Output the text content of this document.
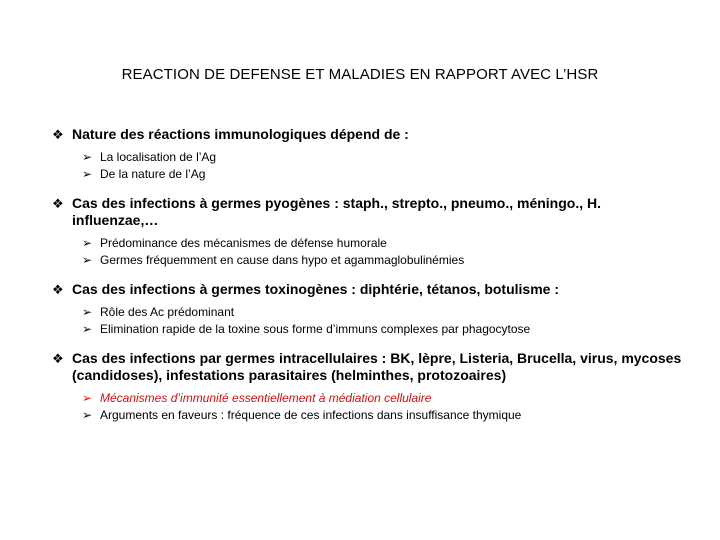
REACTION DE DEFENSE ET MALADIES EN RAPPORT AVEC L’HSR
❖ Nature des réactions immunologiques dépend de :
➢ La localisation de l’Ag
➢ De la nature de l’Ag
❖ Cas des infections à germes pyogènes : staph., strepto., pneumo., méningo., H. influenzae,…
➢ Prédominance des mécanismes de défense humorale
➢ Germes fréquemment en cause dans hypo et agammaglobulinémies
❖ Cas des infections à germes toxinogènes : diphtérie, tétanos, botulisme :
➢ Rôle des Ac prédominant
➢ Elimination rapide de la toxine sous forme d’immuns complexes par phagocytose
❖ Cas des infections par germes intracellulaires : BK, lèpre, Listeria, Brucella, virus, mycoses (candidoses), infestations parasitaires (helminthes, protozoaires)
➢ Mécanismes d’immunité essentiellement à médiation cellulaire
➢ Arguments en faveurs : fréquence de ces infections dans insuffisance thymique
